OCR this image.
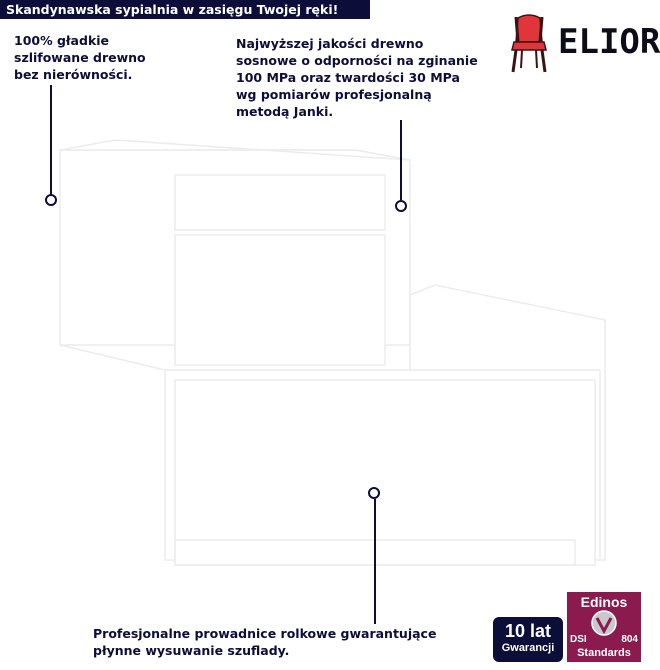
Skandynawska sypialnia w zasięgu Twojej ręki!
100% gładkie
szlifowane drewno
bez nierówności.
Najwyższej jakości drewno
sosnowe o odporności na zginanie
100 MPa oraz twardości 30 MPa
wg pomiarów profesjonalną
metodą Janki.
ELIOR
Profesjonalne prowadnice rolkowe gwarantujące
płynne wysuwanie szuflady.
10 lat
Gwarancji
Edinos
DSI	804
Standards
